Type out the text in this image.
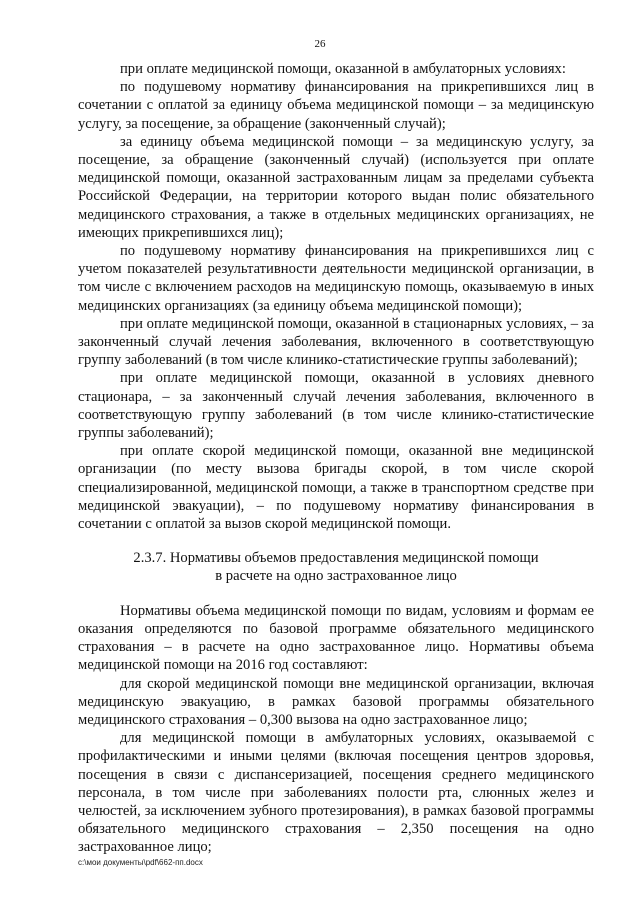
26

при оплате медицинской помощи, оказанной в амбулаторных условиях:

по подушевому нормативу финансирования на прикрепившихся лиц в сочетании с оплатой за единицу объема медицинской помощи – за медицинскую услугу, за посещение, за обращение (законченный случай);

за единицу объема медицинской помощи – за медицинскую услугу, за посещение, за обращение (законченный случай) (используется при оплате медицинской помощи, оказанной застрахованным лицам за пределами субъекта Российской Федерации, на территории которого выдан полис обязательного медицинского страхования, а также в отдельных медицинских организациях, не имеющих прикрепившихся лиц);

по подушевому нормативу финансирования на прикрепившихся лиц с учетом показателей результативности деятельности медицинской организации, в том числе с включением расходов на медицинскую помощь, оказываемую в иных медицинских организациях (за единицу объема медицинской помощи);

при оплате медицинской помощи, оказанной в стационарных условиях, – за законченный случай лечения заболевания, включенного в соответствующую группу заболеваний (в том числе клинико-статистические группы заболеваний);

при оплате медицинской помощи, оказанной в условиях дневного стационара, – за законченный случай лечения заболевания, включенного в соответствующую группу заболеваний (в том числе клинико-статистические группы заболеваний);

при оплате скорой медицинской помощи, оказанной вне медицинской организации (по месту вызова бригады скорой, в том числе скорой специализированной, медицинской помощи, а также в транспортном средстве при медицинской эвакуации), – по подушевому нормативу финансирования в сочетании с оплатой за вызов скорой медицинской помощи.

2.3.7. Нормативы объемов предоставления медицинской помощи
в расчете на одно застрахованное лицо

Нормативы объема медицинской помощи по видам, условиям и формам ее оказания определяются по базовой программе обязательного медицинского страхования – в расчете на одно застрахованное лицо. Нормативы объема медицинской помощи на 2016 год составляют:

для скорой медицинской помощи вне медицинской организации, включая медицинскую эвакуацию, в рамках базовой программы обязательного медицинского страхования – 0,300 вызова на одно застрахованное лицо;

для медицинской помощи в амбулаторных условиях, оказываемой с профилактическими и иными целями (включая посещения центров здоровья, посещения в связи с диспансеризацией, посещения среднего медицинского персонала, в том числе при заболеваниях полости рта, слюнных желез и челюстей, за исключением зубного протезирования), в рамках базовой программы обязательного медицинского страхования – 2,350 посещения на одно застрахованное лицо;

c:\мои документы\pdf\662-пп.docx
